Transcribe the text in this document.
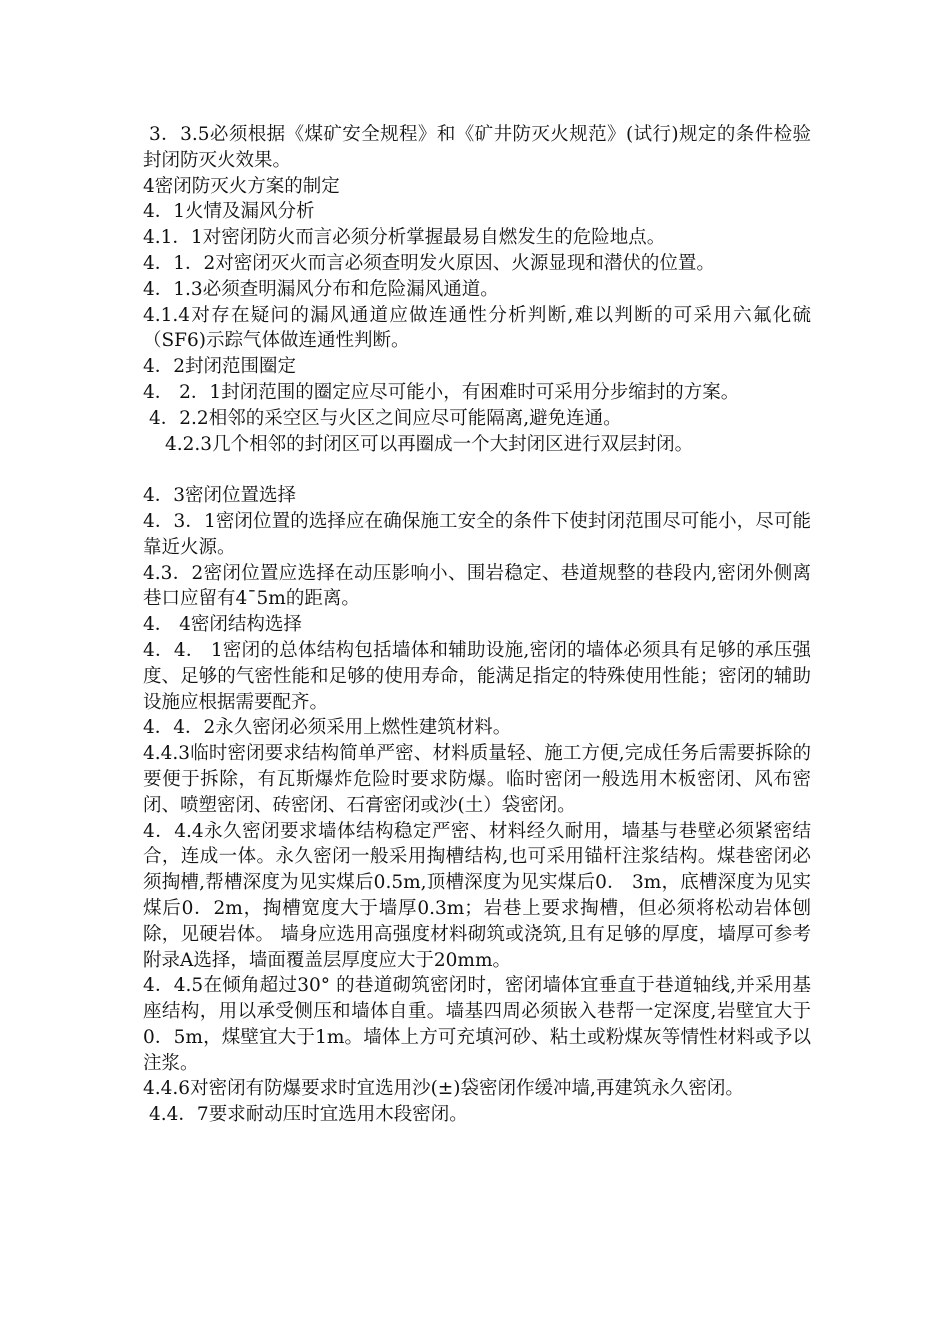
3．3.5必须根据《煤矿安全规程》和《矿井防灭火规范》(试行)规定的条件检验封闭防灭火效果。

4密闭防灭火方案的制定

4．1火情及漏风分析

4.1．1对密闭防火而言必须分析掌握最易自燃发生的危险地点。

4．1．2对密闭灭火而言必须查明发火原因、火源显现和潜伏的位置。

4．1.3必须查明漏风分布和危险漏风通道。

4.1.4对存在疑问的漏风通道应做连通性分析判断,难以判断的可采用六氟化硫（SF6)示踪气体做连通性判断。

4．2封闭范围圈定

4． 2．1封闭范围的圈定应尽可能小，有困难时可采用分步缩封的方案。

4．2.2相邻的采空区与火区之间应尽可能隔离,避免连通。

4.2.3几个相邻的封闭区可以再圈成一个大封闭区进行双层封闭。

4．3密闭位置选择

4．3．1密闭位置的选择应在确保施工安全的条件下使封闭范围尽可能小，尽可能靠近火源。

4.3．2密闭位置应选择在动压影响小、围岩稳定、巷道规整的巷段内,密闭外侧离巷口应留有4¯5m的距离。

4． 4密闭结构选择

4．4． 1密闭的总体结构包括墙体和辅助设施,密闭的墙体必须具有足够的承压强度、足够的气密性能和足够的使用寿命，能满足指定的特殊使用性能；密闭的辅助设施应根据需要配齐。

4．4．2永久密闭必须采用上燃性建筑材料。

4.4.3临时密闭要求结构简单严密、材料质量轻、施工方便,完成任务后需要拆除的要便于拆除，有瓦斯爆炸危险时要求防爆。临时密闭一般选用木板密闭、风布密闭、喷塑密闭、砖密闭、石膏密闭或沙(土）袋密闭。

4．4.4永久密闭要求墙体结构稳定严密、材料经久耐用，墙基与巷壁必须紧密结合，连成一体。永久密闭一般采用掏槽结构,也可采用锚杆注浆结构。煤巷密闭必须掏槽,帮槽深度为见实煤后0.5m,顶槽深度为见实煤后0． 3m，底槽深度为见实煤后0．2m，掏槽宽度大于墙厚0.3m；岩巷上要求掏槽，但必须将松动岩体刨除，见硬岩体。 墙身应选用高强度材料砌筑或浇筑,且有足够的厚度，墙厚可参考附录A选择，墙面覆盖层厚度应大于20mm。

4．4.5在倾角超过30° 的巷道砌筑密闭时，密闭墙体宜垂直于巷道轴线,并采用基座结构，用以承受侧压和墙体自重。墙基四周必须嵌入巷帮一定深度,岩壁宜大于0．5m，煤壁宜大于1m。墙体上方可充填河砂、粘土或粉煤灰等情性材料或予以注浆。

4.4.6对密闭有防爆要求时宜选用沙(±)袋密闭作缓冲墙,再建筑永久密闭。

4.4．7要求耐动压时宜选用木段密闭。
